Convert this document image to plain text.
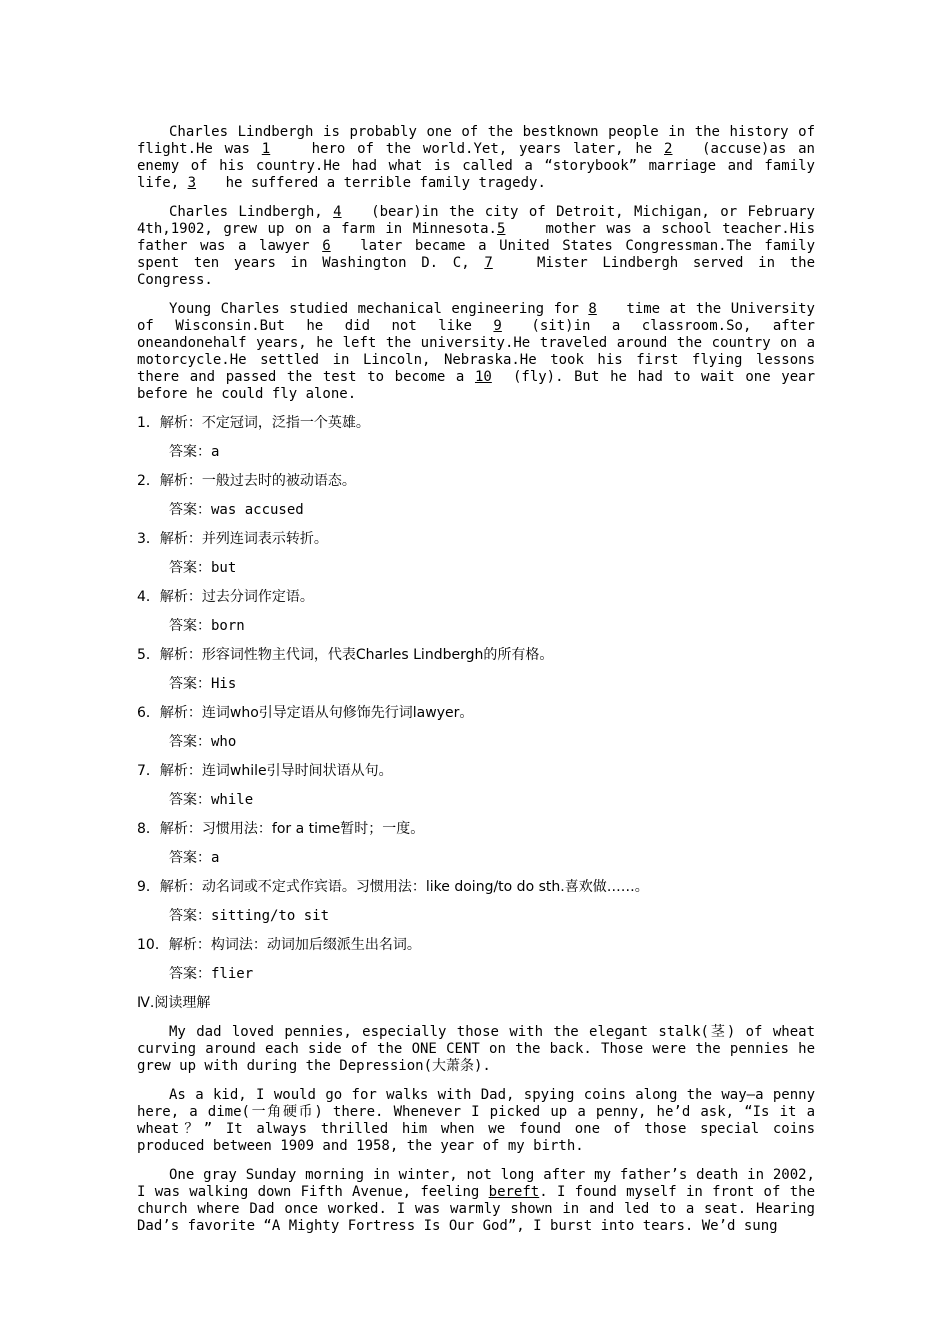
Charles Lindbergh is probably one of the bestknown people in the history of flight.He was 1 hero of the world.Yet, years later, he 2 (accuse)as an enemy of his country.He had what is called a “storybook” marriage and family life, 3 he suffered a terrible family tragedy.

Charles Lindbergh, 4 (bear)in the city of Detroit, Michigan, or February 4th,1902, grew up on a farm in Minnesota.5 mother was a school teacher.His father was a lawyer 6 later became a United States Congressman.The family spent ten years in Washington D. C, 7 Mister Lindbergh served in the Congress.

Young Charles studied mechanical engineering for 8 time at the University of Wisconsin.But he did not like 9 (sit)in a classroom.So, after oneandonehalf years, he left the university.He traveled around the country on a motorcycle.He settled in Lincoln, Nebraska.He took his first flying lessons there and passed the test to become a 10 (fly). But he had to wait one year before he could fly alone.

1．解析：不定冠词，泛指一个英雄。

答案：a

2．解析：一般过去时的被动语态。

答案：was accused

3．解析：并列连词表示转折。

答案：but

4．解析：过去分词作定语。

答案：born

5．解析：形容词性物主代词，代表Charles Lindbergh的所有格。

答案：His

6．解析：连词who引导定语从句修饰先行词lawyer。

答案：who

7．解析：连词while引导时间状语从句。

答案：while

8．解析：习惯用法：for a time暂时；一度。

答案：a

9．解析：动名词或不定式作宾语。习惯用法：like doing/to do sth.喜欢做……。

答案：sitting/to sit

10．解析：构词法：动词加后缀派生出名词。

答案：flier

Ⅳ.阅读理解

My dad loved pennies, especially those with the elegant stalk(茎) of wheat curving around each side of the ONE CENT on the back. Those were the pennies he grew up with during the Depression(大萧条).

As a kid, I would go for walks with Dad, spying coins along the way—a penny here, a dime(一角硬币) there. Whenever I picked up a penny, he’d ask, “Is it a wheat？” It always thrilled him when we found one of those special coins produced between 1909 and 1958, the year of my birth.

One gray Sunday morning in winter, not long after my father’s death in 2002, I was walking down Fifth Avenue, feeling bereft. I found myself in front of the church where Dad once worked. I was warmly shown in and led to a seat. Hearing Dad’s favorite “A Mighty Fortress Is Our God”, I burst into tears. We’d sung
